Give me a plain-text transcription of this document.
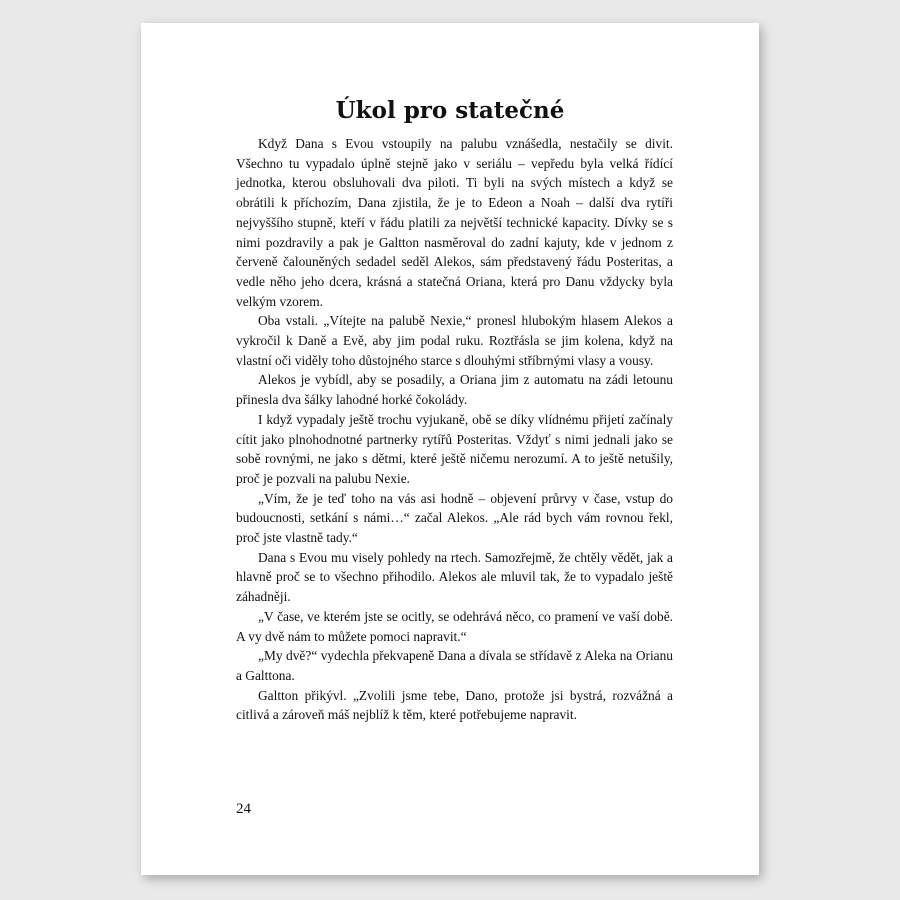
Úkol pro statečné

Když Dana s Evou vstoupily na palubu vznášedla, nestačily se divit. Všechno tu vypadalo úplně stejně jako v seriálu – vepředu byla velká řídící jednotka, kterou obsluhovali dva piloti. Ti byli na svých místech a když se obrátili k příchozím, Dana zjistila, že je to Edeon a Noah – další dva rytíři nejvyššího stupně, kteří v řádu platili za největší technické kapacity. Dívky se s nimi pozdravily a pak je Galtton nasměroval do zadní kajuty, kde v jednom z červeně čalouněných sedadel seděl Alekos, sám představený řádu Posteritas, a vedle něho jeho dcera, krásná a statečná Oriana, která pro Danu vždycky byla velkým vzorem.

Oba vstali. „Vítejte na palubě Nexie,“ pronesl hlubokým hlasem Alekos a vykročil k Daně a Evě, aby jim podal ruku. Roztřásla se jim kolena, když na vlastní oči viděly toho důstojného starce s dlouhými stříbrnými vlasy a vousy.

Alekos je vybídl, aby se posadily, a Oriana jim z automatu na zádi letounu přinesla dva šálky lahodné horké čokolády.

I když vypadaly ještě trochu vyjukaně, obě se díky vlídnému přijetí začínaly cítit jako plnohodnotné partnerky rytířů Posteritas. Vždyť s nimi jednali jako se sobě rovnými, ne jako s dětmi, které ještě ničemu nerozumí. A to ještě netušily, proč je pozvali na palubu Nexie.

„Vím, že je teď toho na vás asi hodně – objevení průrvy v čase, vstup do budoucnosti, setkání s námi…“ začal Alekos. „Ale rád bych vám rovnou řekl, proč jste vlastně tady.“

Dana s Evou mu visely pohledy na rtech. Samozřejmě, že chtěly vědět, jak a hlavně proč se to všechno přihodilo. Alekos ale mluvil tak, že to vypadalo ještě záhadněji.

„V čase, ve kterém jste se ocitly, se odehrává něco, co pramení ve vaší době. A vy dvě nám to můžete pomoci napravit.“

„My dvě?“ vydechla překvapeně Dana a dívala se střídavě z Aleka na Orianu a Galttona.

Galtton přikývl. „Zvolili jsme tebe, Dano, protože jsi bystrá, rozvážná a citlivá a zároveň máš nejblíž k těm, které potřebujeme napravit.

24
